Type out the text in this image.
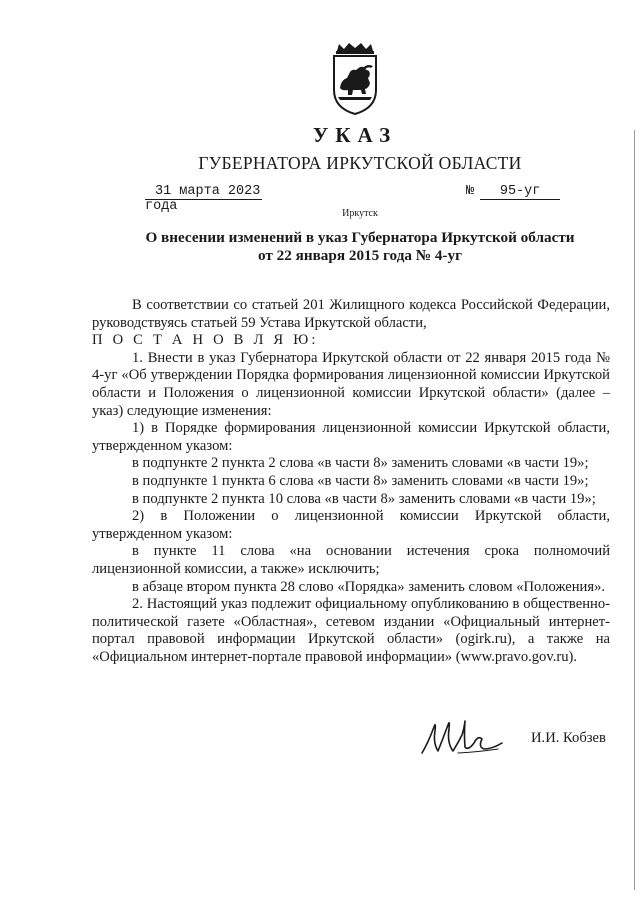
УКАЗ
ГУБЕРНАТОРА ИРКУТСКОЙ ОБЛАСТИ
31 марта 2023 года
№ 95-уг
Иркутск
О внесении изменений в указ Губернатора Иркутской области
от 22 января 2015 года № 4-уг

В соответствии со статьей 201 Жилищного кодекса Российской Федерации, руководствуясь статьей 59 Устава Иркутской области,

П О С Т А Н О В Л Я Ю:

1. Внести в указ Губернатора Иркутской области от 22 января 2015 года № 4-уг «Об утверждении Порядка формирования лицензионной комиссии Иркутской области и Положения о лицензионной комиссии Иркутской области» (далее – указ) следующие изменения:

1) в Порядке формирования лицензионной комиссии Иркутской области, утвержденном указом:

в подпункте 2 пункта 2 слова «в части 8» заменить словами «в части 19»;

в подпункте 1 пункта 6 слова «в части 8» заменить словами «в части 19»;

в подпункте 2 пункта 10 слова «в части 8» заменить словами «в части 19»;

2) в Положении о лицензионной комиссии Иркутской области, утвержденном указом:

в пункте 11 слова «на основании истечения срока полномочий лицензионной комиссии, а также» исключить;

в абзаце втором пункта 28 слово «Порядка» заменить словом «Положения».

2. Настоящий указ подлежит официальному опубликованию в общественно-политической газете «Областная», сетевом издании «Официальный интернет-портал правовой информации Иркутской области» (ogirk.ru), а также на «Официальном интернет-портале правовой информации» (www.pravo.gov.ru).

И.И. Кобзев
